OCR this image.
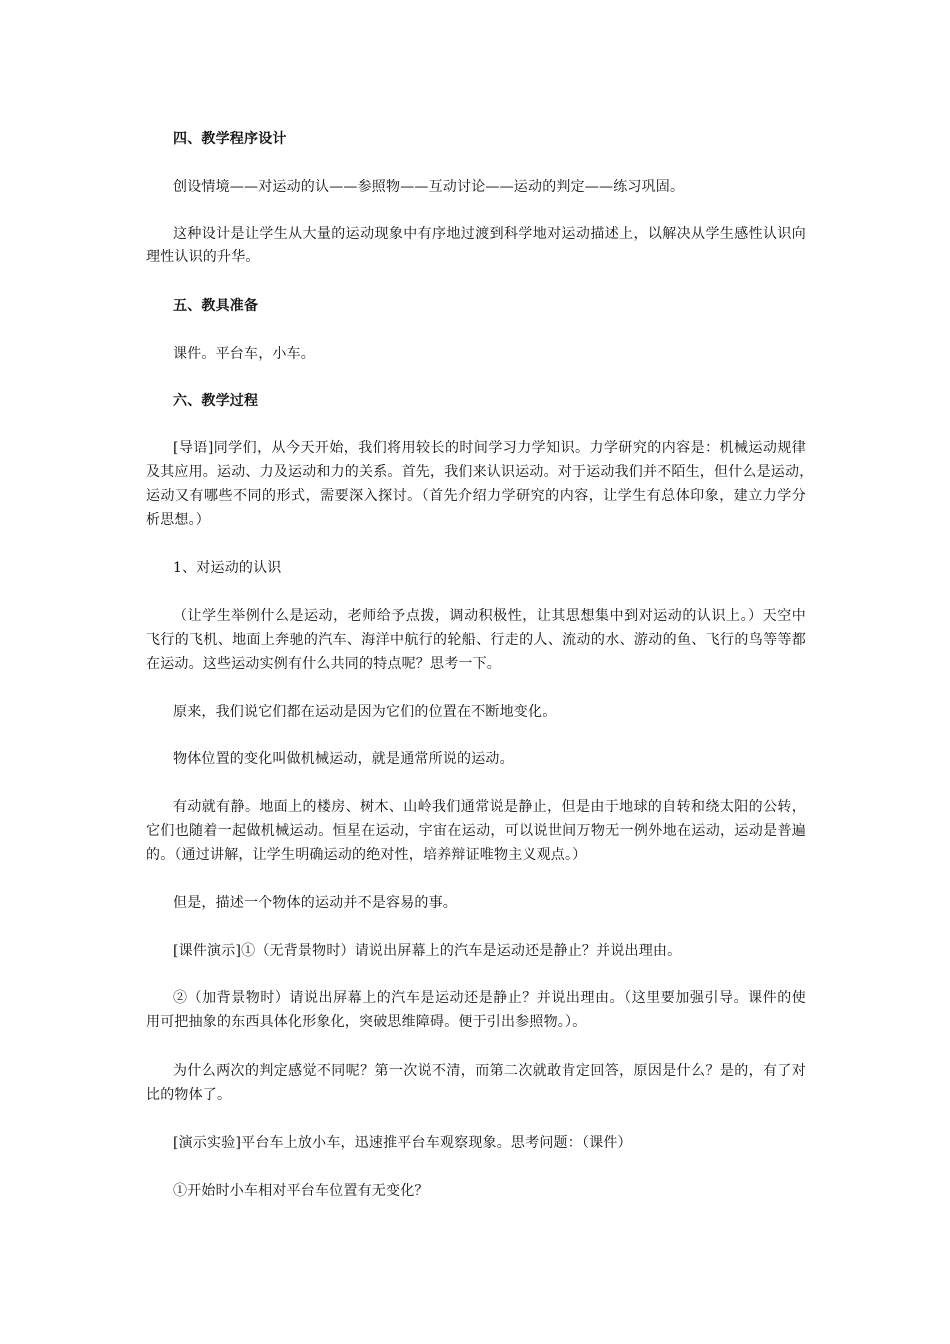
四、教学程序设计
创设情境——对运动的认——参照物——互动讨论——运动的判定——练习巩固。
这种设计是让学生从大量的运动现象中有序地过渡到科学地对运动描述上，以解决从学生感性认识向
理性认识的升华。
五、教具准备
课件。平台车，小车。
六、教学过程
[导语]同学们，从今天开始，我们将用较长的时间学习力学知识。力学研究的内容是：机械运动规律
及其应用。运动、力及运动和力的关系。首先，我们来认识运动。对于运动我们并不陌生，但什么是运动，
运动又有哪些不同的形式，需要深入探讨。（首先介绍力学研究的内容，让学生有总体印象，建立力学分
析思想。）
1、对运动的认识
（让学生举例什么是运动，老师给予点拨，调动积极性，让其思想集中到对运动的认识上。）天空中
飞行的飞机、地面上奔驰的汽车、海洋中航行的轮船、行走的人、流动的水、游动的鱼、飞行的鸟等等都
在运动。这些运动实例有什么共同的特点呢？思考一下。
原来，我们说它们都在运动是因为它们的位置在不断地变化。
物体位置的变化叫做机械运动，就是通常所说的运动。
有动就有静。地面上的楼房、树木、山岭我们通常说是静止，但是由于地球的自转和绕太阳的公转，
它们也随着一起做机械运动。恒星在运动，宇宙在运动，可以说世间万物无一例外地在运动，运动是普遍
的。（通过讲解，让学生明确运动的绝对性，培养辩证唯物主义观点。）
但是，描述一个物体的运动并不是容易的事。
[课件演示]①（无背景物时）请说出屏幕上的汽车是运动还是静止？并说出理由。
②（加背景物时）请说出屏幕上的汽车是运动还是静止？并说出理由。（这里要加强引导。课件的使
用可把抽象的东西具体化形象化，突破思维障碍。便于引出参照物。）。
为什么两次的判定感觉不同呢？第一次说不清，而第二次就敢肯定回答，原因是什么？是的，有了对
比的物体了。
[演示实验]平台车上放小车，迅速推平台车观察现象。思考问题：（课件）
①开始时小车相对平台车位置有无变化？
